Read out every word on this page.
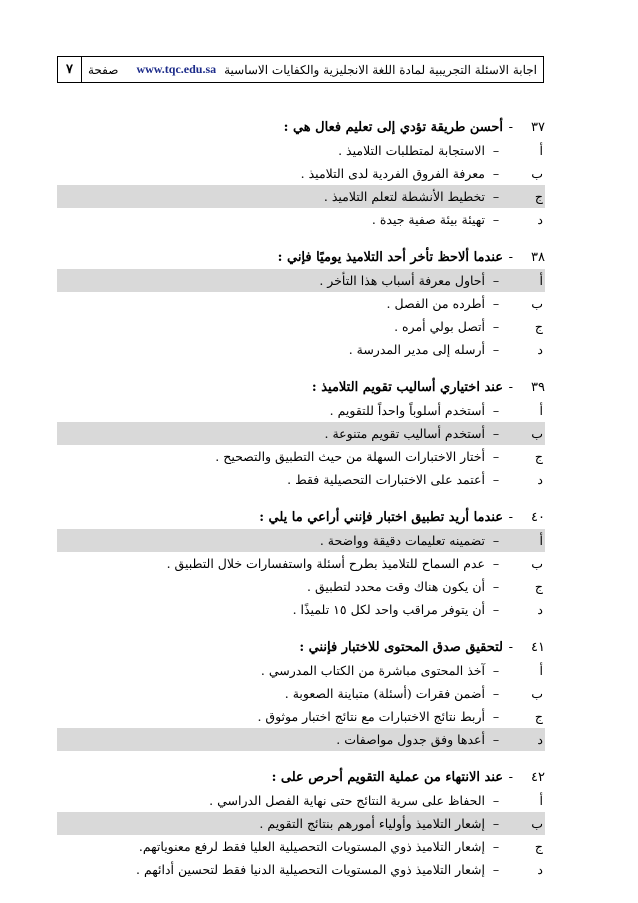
٧	صفحة www.tqc.edu.sa اجابة الاسئلة التجريبية لمادة اللغة الانجليزية والكفايات الاساسية
٣٧
-
أحسن طريقة تؤدي إلى تعليم فعال هي :
أ
–
الاستجابة لمتطلبات التلاميذ .
ب
–
معرفة الفروق الفردية لدى التلاميذ .
ج
–
تخطيط الأنشطة لتعلم التلاميذ .
د
–
تهيئة بيئة صفية جيدة .
٣٨
-
عندما ألاحظ تأخر أحد التلاميذ يوميًا فإني :
أ
–
أحاول معرفة أسباب هذا التأخر .
ب
–
أطرده من الفصل .
ج
–
أتصل بولي أمره .
د
–
أرسله إلى مدير المدرسة .
٣٩
-
عند اختياري أساليب تقويم التلاميذ :
أ
–
أستخدم أسلوباً واحداً للتقويم .
ب
–
أستخدم أساليب تقويم متنوعة .
ج
–
أختار الاختبارات السهلة من حيث التطبيق والتصحيح .
د
–
أعتمد على الاختبارات التحصيلية فقط .
٤٠
-
عندما أريد تطبيق اختبار فإنني أراعي ما يلي :
أ
–
تضمينه تعليمات دقيقة وواضحة .
ب
–
عدم السماح للتلاميذ بطرح أسئلة واستفسارات خلال التطبيق .
ج
–
أن يكون هناك وقت محدد لتطبيق .
د
–
أن يتوفر مراقب واحد لكل ١٥ تلميذًا .
٤١
-
لتحقيق صدق المحتوى للاختبار فإنني :
أ
–
آخذ المحتوى مباشرة من الكتاب المدرسي .
ب
–
أضمن فقرات (أسئلة) متباينة الصعوبة .
ج
–
أربط نتائج الاختبارات مع نتائج اختبار موثوق .
د
–
أعدها وفق جدول مواصفات .
٤٢
-
عند الانتهاء من عملية التقويم أحرص على :
أ
–
الحفاظ على سرية النتائج حتى نهاية الفصل الدراسي .
ب
–
إشعار التلاميذ وأولياء أمورهم بنتائج التقويم .
ج
–
إشعار التلاميذ ذوي المستويات التحصيلية العليا فقط لرفع معنوياتهم.
د
–
إشعار التلاميذ ذوي المستويات التحصيلية الدنيا فقط لتحسين أدائهم .
